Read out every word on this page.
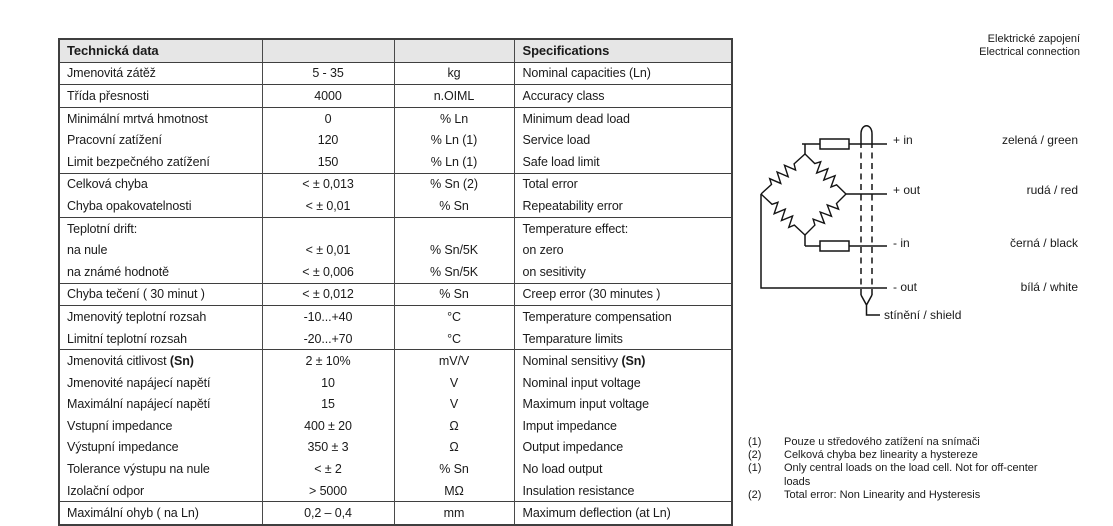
Technická data			Specifications
Jmenovitá zátěž	5 - 35	kg	Nominal capacities (Ln)
Třída přesnosti	4000	n.OIML	Accuracy class
Minimální mrtvá hmotnost	0	% Ln	Minimum dead load
Pracovní zatížení	120	% Ln (1)	Service load
Limit bezpečného zatížení	150	% Ln (1)	Safe load limit
Celková chyba	< ± 0,013	% Sn (2)	Total error
Chyba opakovatelnosti	< ± 0,01	% Sn	Repeatability error
Teplotní drift:			Temperature effect:
na nule	< ± 0,01	% Sn/5K	on zero
na známé hodnotě	< ± 0,006	% Sn/5K	on sesitivity
Chyba tečení ( 30 minut )	< ± 0,012	% Sn	Creep error (30 minutes )
Jmenovitý teplotní rozsah	-10...+40	°C	Temperature compensation
Limitní teplotní rozsah	-20...+70	°C	Temparature limits
Jmenovitá citlivost (Sn)	2 ± 10%	mV/V	Nominal sensitivy (Sn)
Jmenovité napájecí napětí	10	V	Nominal input voltage
Maximální napájecí napětí	15	V	Maximum input voltage
Vstupní impedance	400 ± 20	Ω	Imput impedance
Výstupní impedance	350 ± 3	Ω	Output impedance
Tolerance výstupu na nule	< ± 2	% Sn	No load output
Izolační odpor	> 5000	MΩ	Insulation resistance
Maximální ohyb ( na Ln)	0,2 – 0,4	mm	Maximum deflection (at Ln)
Elektrické zapojení
Electrical connection
+ in	zelená / green
+ out	rudá / red
- in	černá / black
- out	bílá / white
stínění / shield
(1)	Pouze u středového zatížení na snímači
(2)	Celková chyba bez linearity a hystereze
(1)	Only central loads on the load cell. Not for off-center
loads
(2)	Total error: Non Linearity and Hysteresis
